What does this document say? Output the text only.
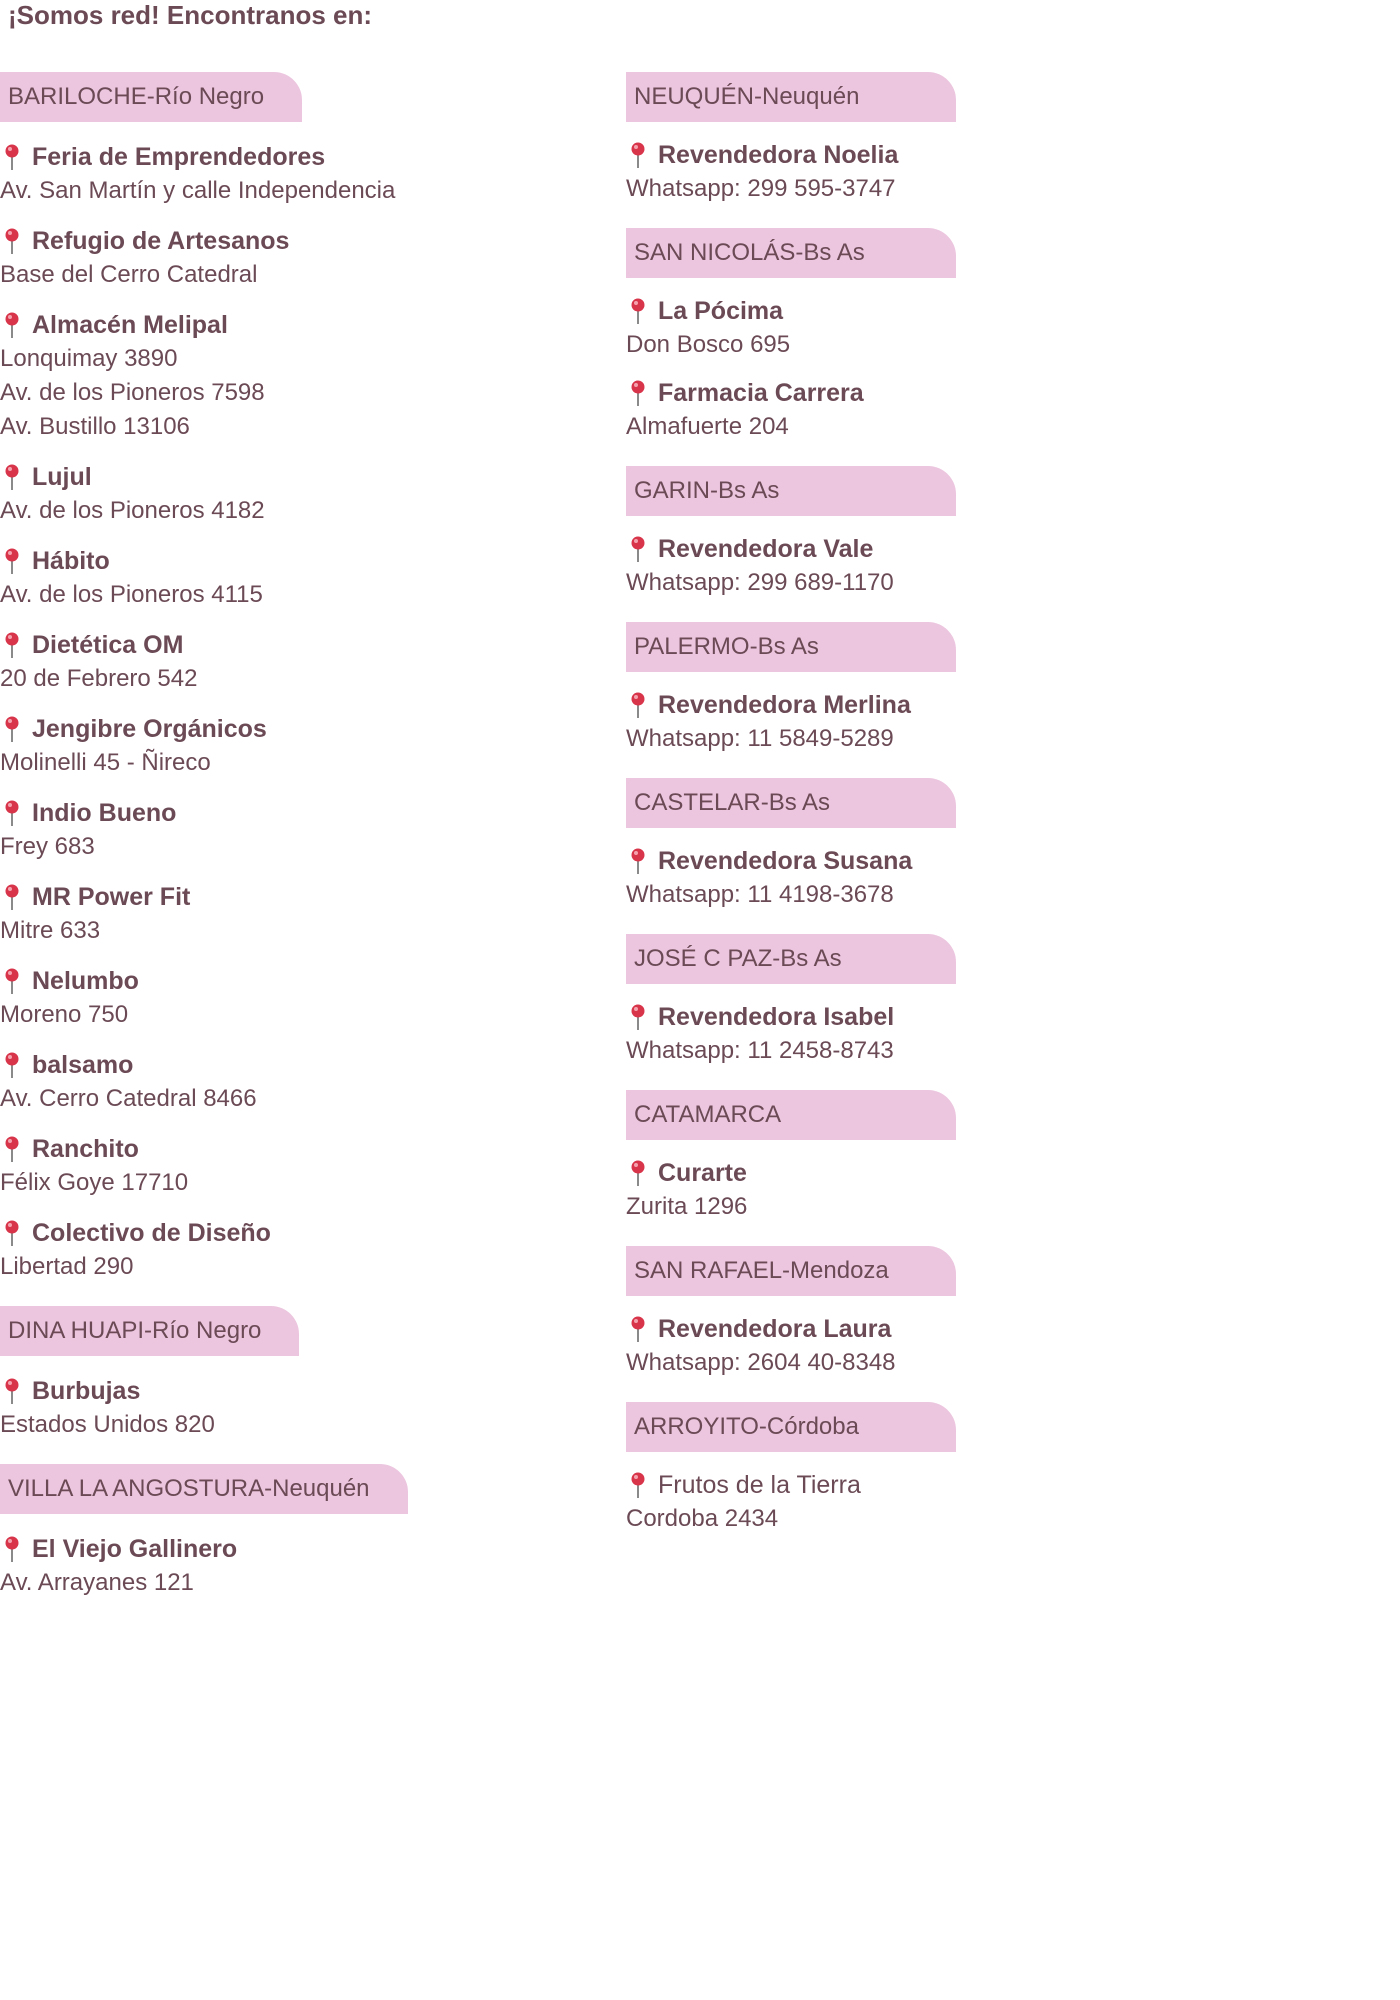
¡Somos red! Encontranos en:
BARILOCHE-Río Negro
Feria de Emprendedores
Av. San Martín y calle Independencia
Refugio de Artesanos
Base del Cerro Catedral
Almacén Melipal
Lonquimay 3890
Av. de los Pioneros 7598
Av. Bustillo 13106
Lujul
Av. de los Pioneros 4182
Hábito
Av. de los Pioneros 4115
Dietética OM
20 de Febrero 542
Jengibre Orgánicos
Molinelli 45 - Ñireco
Indio Bueno
Frey 683
MR Power Fit
Mitre 633
Nelumbo
Moreno 750
balsamo
Av. Cerro Catedral 8466
Ranchito
Félix Goye 17710
Colectivo de Diseño
Libertad 290
DINA HUAPI-Río Negro
Burbujas
Estados Unidos 820
VILLA LA ANGOSTURA-Neuquén
El Viejo Gallinero
Av. Arrayanes 121
NEUQUÉN-Neuquén
Revendedora Noelia
Whatsapp: 299 595-3747
SAN NICOLÁS-Bs As
La Pócima
Don Bosco 695
Farmacia Carrera
Almafuerte 204
GARIN-Bs As
Revendedora Vale
Whatsapp: 299 689-1170
PALERMO-Bs As
Revendedora Merlina
Whatsapp: 11 5849-5289
CASTELAR-Bs As
Revendedora Susana
Whatsapp: 11 4198-3678
JOSÉ C PAZ-Bs As
Revendedora Isabel
Whatsapp: 11 2458-8743
CATAMARCA
Curarte
Zurita 1296
SAN RAFAEL-Mendoza
Revendedora Laura
Whatsapp: 2604 40-8348
ARROYITO-Córdoba
Frutos de la Tierra
Cordoba 2434
